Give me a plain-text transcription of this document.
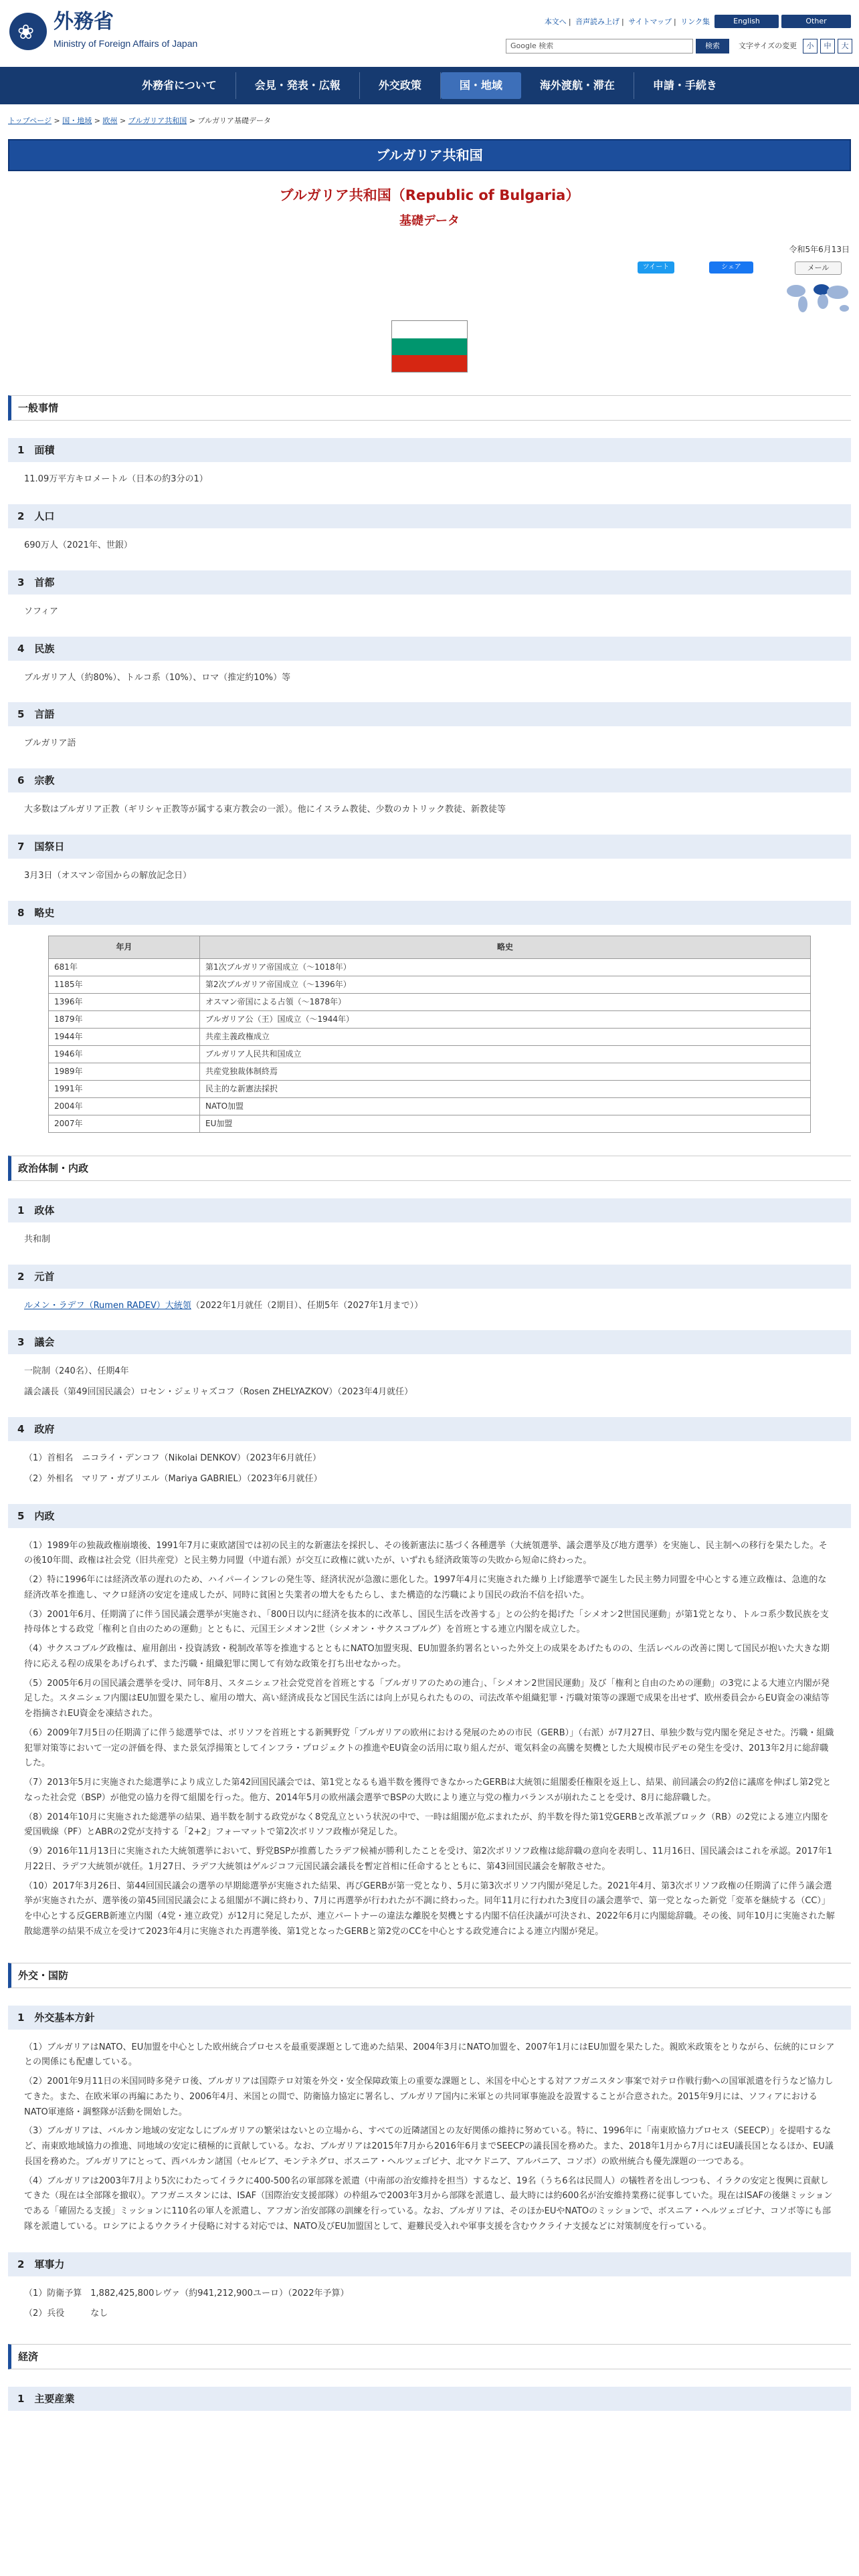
❀
外務省
Ministry of Foreign Affairs of Japan
本文へ | 音声読み上げ | サイトマップ | リンク集	English	Other Languages
Google 検索	検索	文字サイズの変更	小	中	大
外務省について	会見・発表・広報	外交政策	国・地域	海外渡航・滞在	申請・手続き
トップページ > 国・地域 > 欧州 > ブルガリア共和国 > ブルガリア基礎データ
ブルガリア共和国
ブルガリア共和国（Republic of Bulgaria）
基礎データ
令和5年6月13日
ツイート	シェア	メール
一般事情
1　面積

11.09万平方キロメートル（日本の約3分の1）

2　人口

690万人（2021年、世銀）

3　首都

ソフィア

4　民族

ブルガリア人（約80%）、トルコ系（10%）、ロマ（推定約10%）等

5　言語

ブルガリア語

6　宗教

大多数はブルガリア正教（ギリシャ正教等が属する東方教会の一派）。他にイスラム教徒、少数のカトリック教徒、新教徒等

7　国祭日

3月3日（オスマン帝国からの解放記念日）

8　略史
年月	略史
681年	第1次ブルガリア帝国成立（～1018年）
1185年	第2次ブルガリア帝国成立（～1396年）
1396年	オスマン帝国による占領（～1878年）
1879年	ブルガリア公（王）国成立（～1944年）
1944年	共産主義政権成立
1946年	ブルガリア人民共和国成立
1989年	共産党独裁体制終焉
1991年	民主的な新憲法採択
2004年	NATO加盟
2007年	EU加盟
政治体制・内政
1　政体

共和制

2　元首

ルメン・ラデフ（Rumen RADEV）大統領（2022年1月就任（2期目）、任期5年（2027年1月まで））

3　議会

一院制（240名）、任期4年

議会議長（第49回国民議会）ロセン・ジェリャズコフ（Rosen ZHELYAZKOV）（2023年4月就任）

4　政府

（1）首相名　ニコライ・デンコフ（Nikolai DENKOV）（2023年6月就任）

（2）外相名　マリア・ガブリエル（Mariya GABRIEL）（2023年6月就任）

5　内政

（1）1989年の独裁政権崩壊後、1991年7月に東欧諸国では初の民主的な新憲法を採択し、その後新憲法に基づく各種選挙（大統領選挙、議会選挙及び地方選挙）を実施し、民主制への移行を果たした。その後10年間、政権は社会党（旧共産党）と民主勢力同盟（中道右派）が交互に政権に就いたが、いずれも経済政策等の失敗から短命に終わった。

（2）特に1996年には経済改革の遅れのため、ハイパーインフレの発生等、経済状況が急激に悪化した。1997年4月に実施された繰り上げ総選挙で誕生した民主勢力同盟を中心とする連立政権は、急進的な経済改革を推進し、マクロ経済の安定を達成したが、同時に貧困と失業者の増大をもたらし、また構造的な汚職により国民の政治不信を招いた。

（3）2001年6月、任期満了に伴う国民議会選挙が実施され、「800日以内に経済を抜本的に改革し、国民生活を改善する」との公約を掲げた「シメオン2世国民運動」が第1党となり、トルコ系少数民族を支持母体とする政党「権利と自由のための運動」とともに、元国王シメオン2世（シメオン・サクスコブルグ）を首班とする連立内閣を成立した。

（4）サクスコブルグ政権は、雇用創出・投資誘致・税制改革等を推進するとともにNATO加盟実現、EU加盟条約署名といった外交上の成果をあげたものの、生活レベルの改善に関して国民が抱いた大きな期待に応える程の成果をあげられず、また汚職・組織犯罪に関して有効な政策を打ち出せなかった。

（5）2005年6月の国民議会選挙を受け、同年8月、スタニシェフ社会党党首を首班とする「ブルガリアのための連合」、「シメオン2世国民運動」及び「権利と自由のための運動」の3党による大連立内閣が発足した。スタニシェフ内閣はEU加盟を果たし、雇用の増大、高い経済成長など国民生活には向上が見られたものの、司法改革や組織犯罪・汚職対策等の課題で成果を出せず、欧州委員会からEU資金の凍結等を指摘されEU資金を凍結された。

（6）2009年7月5日の任期満了に伴う総選挙では、ボリソフを首班とする新興野党「ブルガリアの欧州における発展のための市民（GERB）」（右派）が7月27日、単独少数与党内閣を発足させた。汚職・組織犯罪対策等において一定の評価を得、また景気浮揚策としてインフラ・プロジェクトの推進やEU資金の活用に取り組んだが、電気料金の高騰を契機とした大規模市民デモの発生を受け、2013年2月に総辞職した。

（7）2013年5月に実施された総選挙により成立した第42回国民議会では、第1党となるも過半数を獲得できなかったGERBは大統領に組閣委任権限を返上し、結果、前回議会の約2倍に議席を伸ばし第2党となった社会党（BSP）が他党の協力を得て組閣を行った。他方、2014年5月の欧州議会選挙でBSPの大敗により連立与党の権力バランスが崩れたことを受け、8月に総辞職した。

（8）2014年10月に実施された総選挙の結果、過半数を制する政党がなく8党乱立という状況の中で、一時は組閣が危ぶまれたが、約半数を得た第1党GERBと改革派ブロック（RB）の2党による連立内閣を愛国戦線（PF）とABRの2党が支持する「2+2」フォーマットで第2次ボリソフ政権が発足した。

（9）2016年11月13日に実施された大統領選挙において、野党BSPが推薦したラデフ候補が勝利したことを受け、第2次ボリソフ政権は総辞職の意向を表明し、11月16日、国民議会はこれを承認。2017年1月22日、ラデフ大統領が就任。1月27日、ラデフ大統領はゲルジコフ元国民議会議長を暫定首相に任命するとともに、第43回国民議会を解散させた。

（10）2017年3月26日、第44回国民議会の選挙の早期総選挙が実施された結果、再びGERBが第一党となり、5月に第3次ボリソフ内閣が発足した。2021年4月、第3次ボリソフ政権の任期満了に伴う議会選挙が実施されたが、選挙後の第45回国民議会による組閣が不調に終わり、7月に再選挙が行われたが不調に終わった。同年11月に行われた3度目の議会選挙で、第一党となった新党「変革を継続する（CC）」を中心とする反GERB新連立内閣（4党・連立政党）が12月に発足したが、連立パートナーの違法な離脱を契機とする内閣不信任決議が可決され、2022年6月に内閣総辞職。その後、同年10月に実施された解散総選挙の結果不成立を受けて2023年4月に実施された再選挙後、第1党となったGERBと第2党のCCを中心とする政党連合による連立内閣が発足。

外交・国防
1　外交基本方針

（1）ブルガリアはNATO、EU加盟を中心とした欧州統合プロセスを最重要課題として進めた結果、2004年3月にNATO加盟を、2007年1月にはEU加盟を果たした。親欧米政策をとりながら、伝統的にロシアとの関係にも配慮している。

（2）2001年9月11日の米国同時多発テロ後、ブルガリアは国際テロ対策を外交・安全保障政策上の重要な課題とし、米国を中心とする対アフガニスタン事案で対テロ作戦行動への国軍派遣を行うなど協力してきた。また、在欧米軍の再編にあたり、2006年4月、米国との間で、防衛協力協定に署名し、ブルガリア国内に米軍との共同軍事施設を設置することが合意された。2015年9月には、ソフィアにおけるNATO軍連絡・調整隊が活動を開始した。

（3）ブルガリアは、バルカン地域の安定なしにブルガリアの繁栄はないとの立場から、すべての近隣諸国との友好関係の維持に努めている。特に、1996年に「南東欧協力プロセス（SEECP）」を提唱するなど、南東欧地域協力の推進、同地域の安定に積極的に貢献している。なお、ブルガリアは2015年7月から2016年6月までSEECPの議長国を務めた。また、2018年1月から7月にはEU議長国となるほか、EU議長国を務めた。ブルガリアにとって、西バルカン諸国（セルビア、モンテネグロ、ボスニア・ヘルツェゴビナ、北マケドニア、アルバニア、コソボ）の欧州統合も優先課題の一つである。

（4）ブルガリアは2003年7月より5次にわたってイラクに400-500名の軍部隊を派遣（中南部の治安維持を担当）するなど、19名（うち6名は民間人）の犠牲者を出しつつも、イラクの安定と復興に貢献してきた（現在は全部隊を撤収）。アフガニスタンには、ISAF（国際治安支援部隊）の枠組みで2003年3月から部隊を派遣し、最大時には約600名が治安維持業務に従事していた。現在はISAFの後継ミッションである「確固たる支援」ミッションに110名の軍人を派遣し、アフガン治安部隊の訓練を行っている。なお、ブルガリアは、そのほかEUやNATOのミッションで、ボスニア・ヘルツェゴビナ、コソボ等にも部隊を派遣している。ロシアによるウクライナ侵略に対する対応では、NATO及びEU加盟国として、避難民受入れや軍事支援を含むウクライナ支援などに対策制度を行っている。

2　軍事力

（1）防衛予算　1,882,425,800レヴァ（約941,212,900ユーロ）（2022年予算）

（2）兵役　　　なし

経済
1　主要産業
